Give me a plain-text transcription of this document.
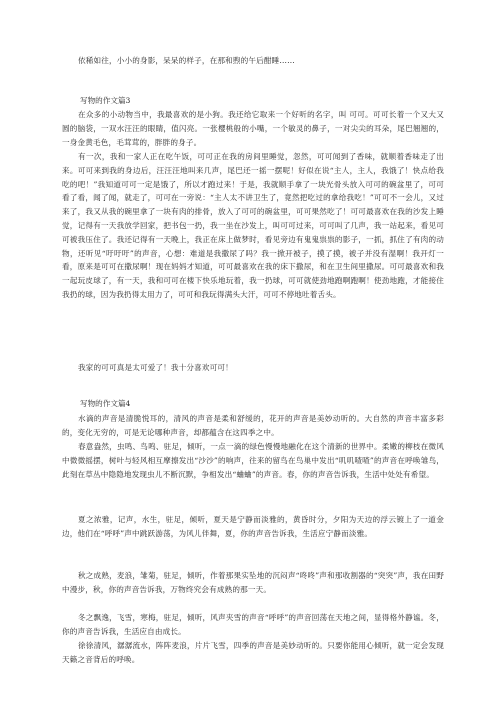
依稀如往，小小的身影，呆呆的样子，在那和煦的午后酣睡……

写物的作文篇3

在众多的小动物当中，我最喜欢的是小狗。我还给它取来一个好听的名字，叫 可可。可可长着一个又大又圆的脑袋，一双水汪汪的眼睛，值闪亮。一张樱桃般的小嘴，一个敏灵的鼻子，一对尖尖的耳朵，尾巴翘翘的，一身金黄毛色，毛茸茸的，胖胖的身子。

有一次，我和一家人正在吃午饭，可可正在我的房间里睡觉，忽然，可可闻到了香味，就顺着香味走了出来。可可来到我的身边后，汪汪汪地叫来几声，尾巴还一摇一摆呢！好似在说“主人，主人，我饿了！快点给我吃的吧！”我知道可可一定是饿了，所以才跑过来！于是，我就顺手拿了一块光骨头放入可可的碗盆里了，可可看了看，闻了闻，就走了，可可在一旁说：“主人太不讲卫生了，竟然把吃过的拿给我吃！”可可不一会儿，又过来了，我又从我的碗里拿了一块有肉的排骨，放入了可可的碗盆里，可可果然吃了！可可最喜欢在我的沙发上睡觉，记得有一天我放学回家，把书包一扔，我一坐在沙发上，叫可可过来，可可叫了几声，我一站起来，看见可可被我压住了。我还记得有一天晚上，我正在床上做梦时，看见旁边有鬼鬼祟祟的影子，一抓，抓住了有肉的动物，还听见“吁吁吁”的声音，心想：难道是我撒尿了吗？我一掀开被子，摸了摸，被子并没有湿啊！我开灯一看，原来是可可在撒尿啊！现在妈妈才知道，可可最喜欢在我的床下撒尿，和在卫生间里撒尿。可可最喜欢和我一起玩皮球了，有一天，我和可可在楼下快乐地玩着，我一扔球，可可就使劲地跑啊跑啊！使劲地跑，才能接住我扔的球，因为我扔得太用力了，可可和我玩得满头大汗，可可不停地吐着舌头。

我家的可可真是太可爱了！我十分喜欢可可！

写物的作文篇4

水滴的声音是清脆悦耳的，清风的声音是柔和舒缓的，花开的声音是美妙动听的。大自然的声音丰富多彩的，变化无穷的，可是无论哪种声音，却都蕴含在这四季之中。

春意盎然，虫鸣、鸟鸣、驻足，倾听，一点一滴的绿色慢慢地融化在这个清新的世界中。柔嫩的柳枝在微风中微微摇摆，树叶与轻风相互摩擦发出“沙沙”的响声，往来的留鸟在鸟巢中发出“叽叽喳喳”的声音在呼唤雏鸟，此刻在草丛中隐隐地发现虫儿不断沉默，争相发出“蛐蛐”的声音。春，你的声音告诉我，生活中处处有希望。

夏之浓雅，记声，水生，驻足，倾听，夏天是宁静而淡雅的，黄昏时分，夕阳为天边的浮云镀上了一道金边，他们在“呼呼”声中跳跃游荡，为风儿伴舞，夏，你的声音告诉我，生活应宁静而淡雅。

秋之成熟，麦浪，雏菊，驻足，倾听，作着那果实坠地的沉闷声“咚咚”声和那收割器的“突突”声，我在田野中漫步，秋，你的声音告诉我，万物终究会有成熟的那一天。

冬之飘逸，飞雪，寒梅，驻足，倾听，风声夹雪的声音“呼呼”的声音回荡在天地之间，显得格外静谧。冬，你的声音告诉我，生活应自由成长。

徐徐清风，潺潺流水，阵阵麦浪，片片飞雪，四季的声音是美妙动听的。只要你能用心倾听，就一定会发现天籁之音背后的呼唤。
